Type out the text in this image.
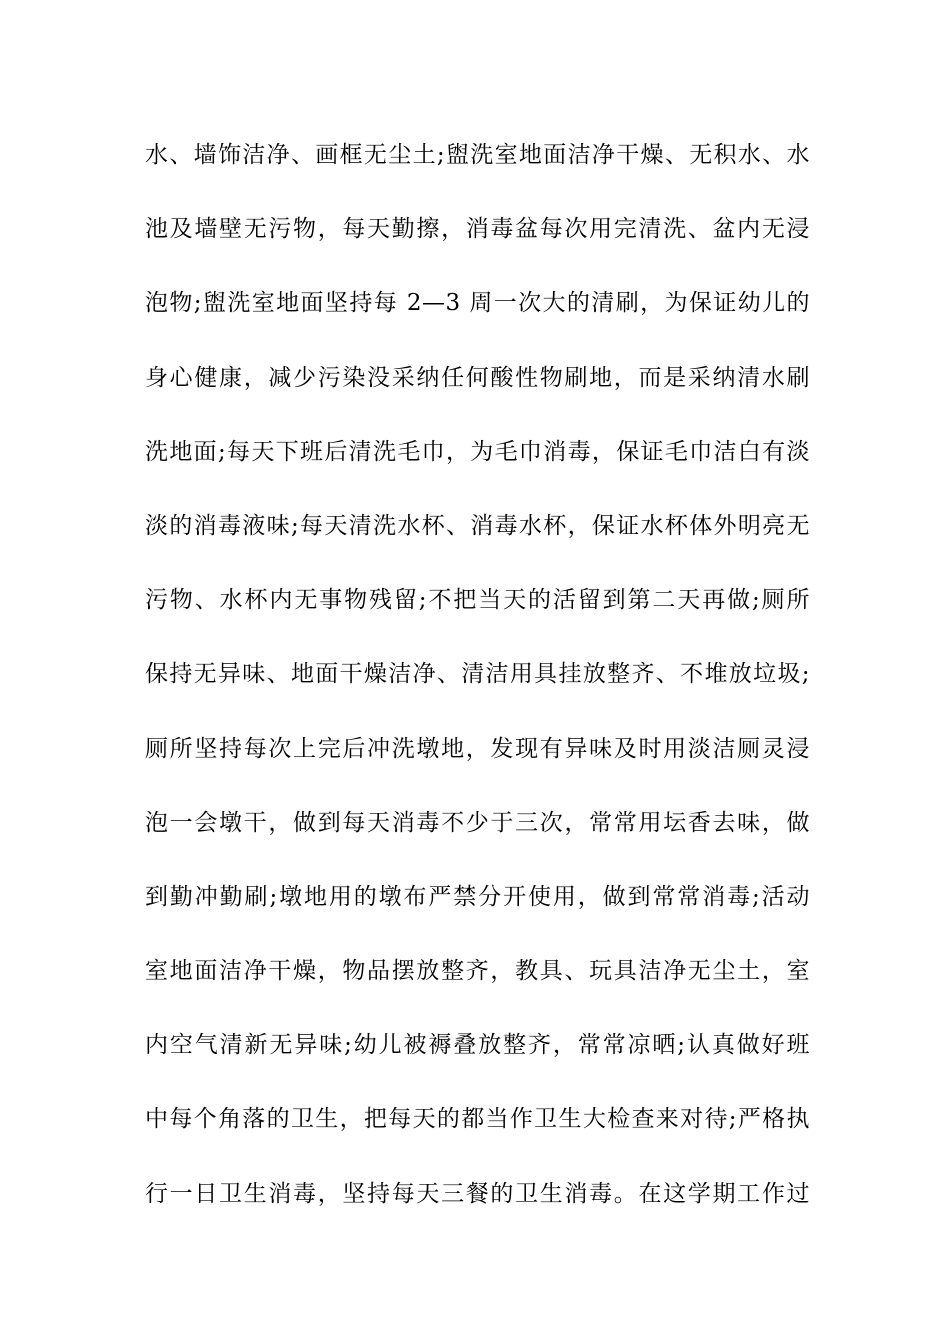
水、墙饰洁净、画框无尘土;盥洗室地面洁净干燥、无积水、水
池及墙壁无污物，每天勤擦，消毒盆每次用完清洗、盆内无浸
泡物;盥洗室地面坚持每 2—3 周一次大的清刷，为保证幼儿的
身心健康，减少污染没采纳任何酸性物刷地，而是采纳清水刷
洗地面;每天下班后清洗毛巾，为毛巾消毒，保证毛巾洁白有淡
淡的消毒液味;每天清洗水杯、消毒水杯，保证水杯体外明亮无
污物、水杯内无事物残留;不把当天的活留到第二天再做;厕所
保持无异味、地面干燥洁净、清洁用具挂放整齐、不堆放垃圾;
厕所坚持每次上完后冲洗墩地，发现有异味及时用淡洁厕灵浸
泡一会墩干，做到每天消毒不少于三次，常常用坛香去味，做
到勤冲勤刷;墩地用的墩布严禁分开使用，做到常常消毒;活动
室地面洁净干燥，物品摆放整齐，教具、玩具洁净无尘土，室
内空气清新无异味;幼儿被褥叠放整齐，常常凉晒;认真做好班
中每个角落的卫生，把每天的都当作卫生大检查来对待;严格执
行一日卫生消毒，坚持每天三餐的卫生消毒。在这学期工作过
